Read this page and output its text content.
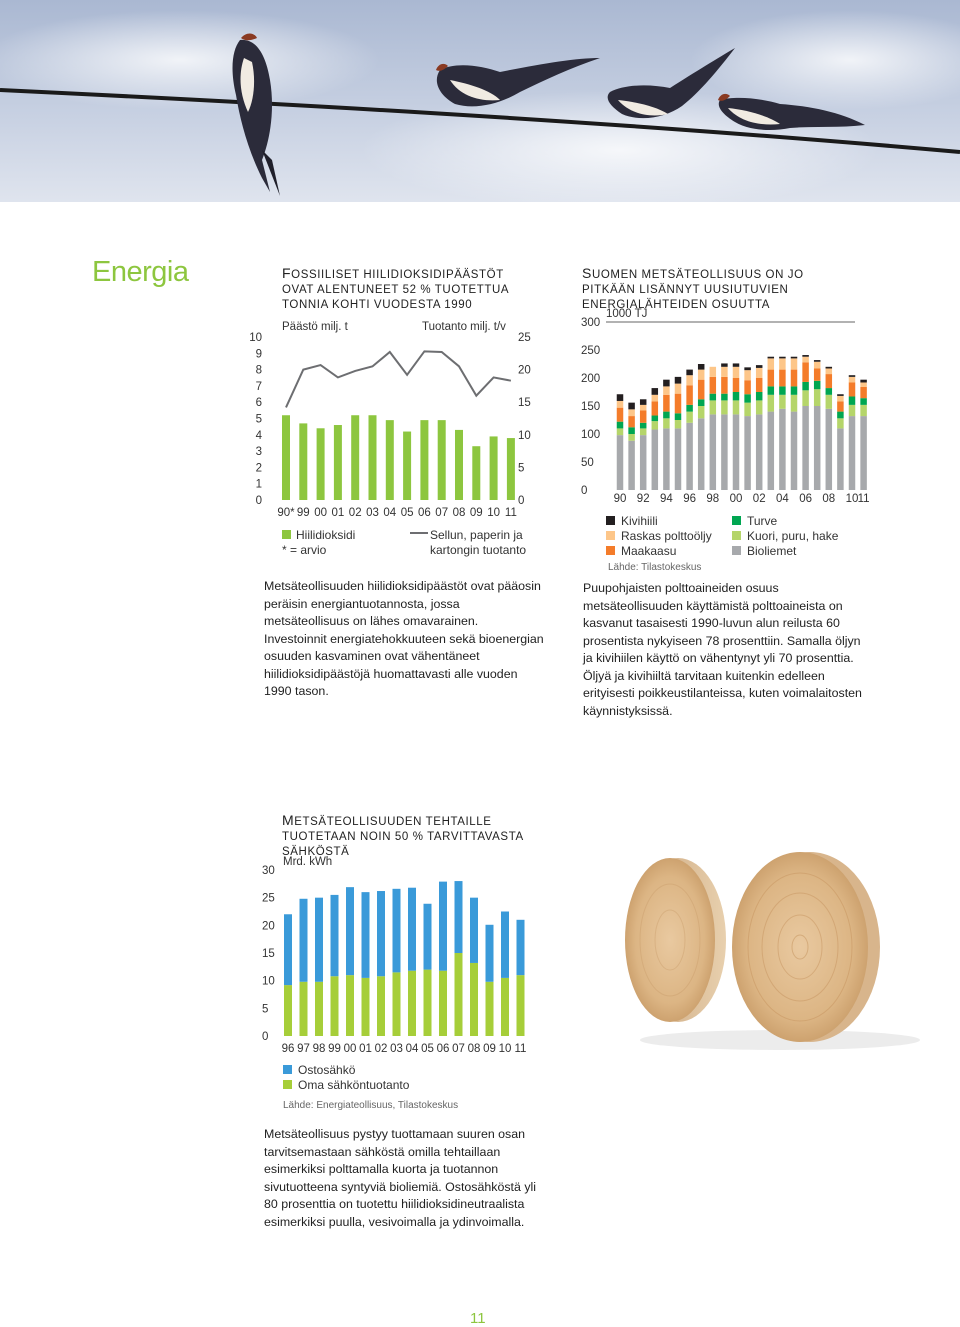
Energia	FOSSIILISET HIILIDIOKSIDIPÄÄSTÖT OVAT ALENTUNEET 52 % TUOTETTUA TONNIA KOHTI VUODESTA 1990
Päästö milj. t	Tuotanto milj. t/v
10
9
8
7
6
5
4
3
2
1
0
25
20
15
10
5
0
90* 99 00 01 02 03 04 05 06 07 08 09 10 11
Hiilidioksidi
* = arvio
Sellun, paperin ja kartongin tuotanto

Metsäteollisuuden hiilidioksidipäästöt ovat pääosin peräisin energiantuotannosta, jossa metsäteollisuus on lähes omavarainen. Investoinnit energiatehokkuuteen sekä bioenergian osuuden kasvaminen ovat vähentäneet hiilidioksidipäästöjä huomattavasti alle vuoden 1990 tason.

SUOMEN METSÄTEOLLISUUS ON JO PITKÄÄN LISÄNNYT UUSIUTUVIEN ENERGIALÄHTEIDEN OSUUTTA
1000 TJ
300
250
200
150
100
50
0
90 92 94 96 98 00 02 04 06 08 10 11
Kivihiili	Turve
Raskas polttoöljy	Kuori, puru, hake
Maakaasu	Bioliemet
Lähde: Tilastokeskus

Puupohjaisten polttoaineiden osuus metsäteollisuuden käyttämistä polttoaineista on kasvanut tasaisesti 1990-luvun alun reilusta 60 prosentista nykyiseen 78 prosenttiin. Samalla öljyn ja kivihiilen käyttö on vähentynyt yli 70 prosenttia. Öljyä ja kivihiiltä tarvitaan kuitenkin edelleen erityisesti poikkeustilanteissa, kuten voimalaitosten käynnistyksissä.

METSÄTEOLLISUUDEN TEHTAILLE TUOTETAAN NOIN 50 % TARVITTAVASTA SÄHKÖSTÄ
Mrd. kWh
30
25
20
15
10
5
0
96 97 98 99 00 01 02 03 04 05 06 07 08 09 10 11
Ostosähkö
Oma sähköntuotanto
Lähde: Energiateollisuus, Tilastokeskus

Metsäteollisuus pystyy tuottamaan suuren osan tarvitsemastaan sähköstä omilla tehtaillaan esimerkiksi polttamalla kuorta ja tuotannon sivutuotteena syntyviä bioliemiä. Ostosähköstä yli 80 prosenttia on tuotettu hiilidioksidineutraalista esimerkiksi puulla, vesivoimalla ja ydinvoimalla.

11
